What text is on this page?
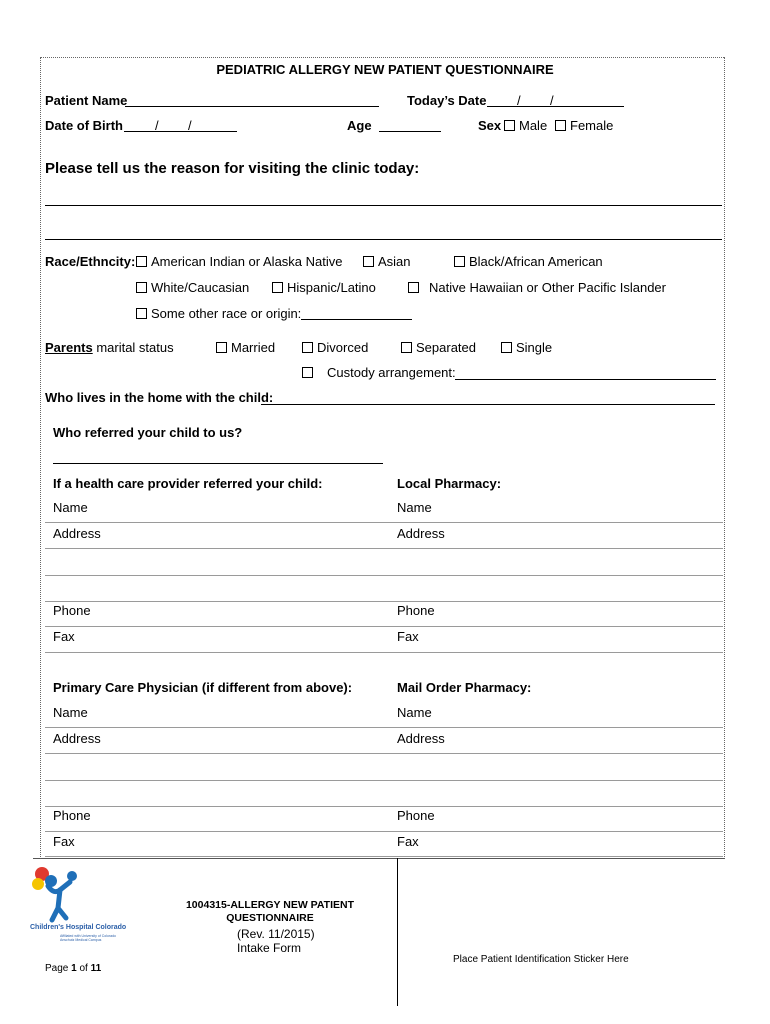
PEDIATRIC ALLERGY NEW PATIENT QUESTIONNAIRE
Patient Name	Today’s Date / /
Date of Birth / /	Age	Sex	Male	Female
Please tell us the reason for visiting the clinic today:
Race/Ethncity:	American Indian or Alaska Native	Asian	Black/African American
White/Caucasian	Hispanic/Latino	Native Hawaiian or Other Pacific Islander
Some other race or origin:
Parents marital status	Married	Divorced	Separated	Single
Custody arrangement:
Who lives in the home with the child:
Who referred your child to us?
If a health care provider referred your child:	Local Pharmacy:
Name	Name
Address	Address
Phone	Phone
Fax	Fax
Primary Care Physician (if different from above):	Mail Order Pharmacy:
Name	Name
Address	Address
Phone	Phone
Fax	Fax
Children's Hospital Colorado
Affiliated with University of Colorado Anschutz Medical Campus
1004315-ALLERGY NEW PATIENT QUESTIONNAIRE
(Rev. 11/2015)
Intake Form
Page 1 of 11
Place Patient Identification Sticker Here
